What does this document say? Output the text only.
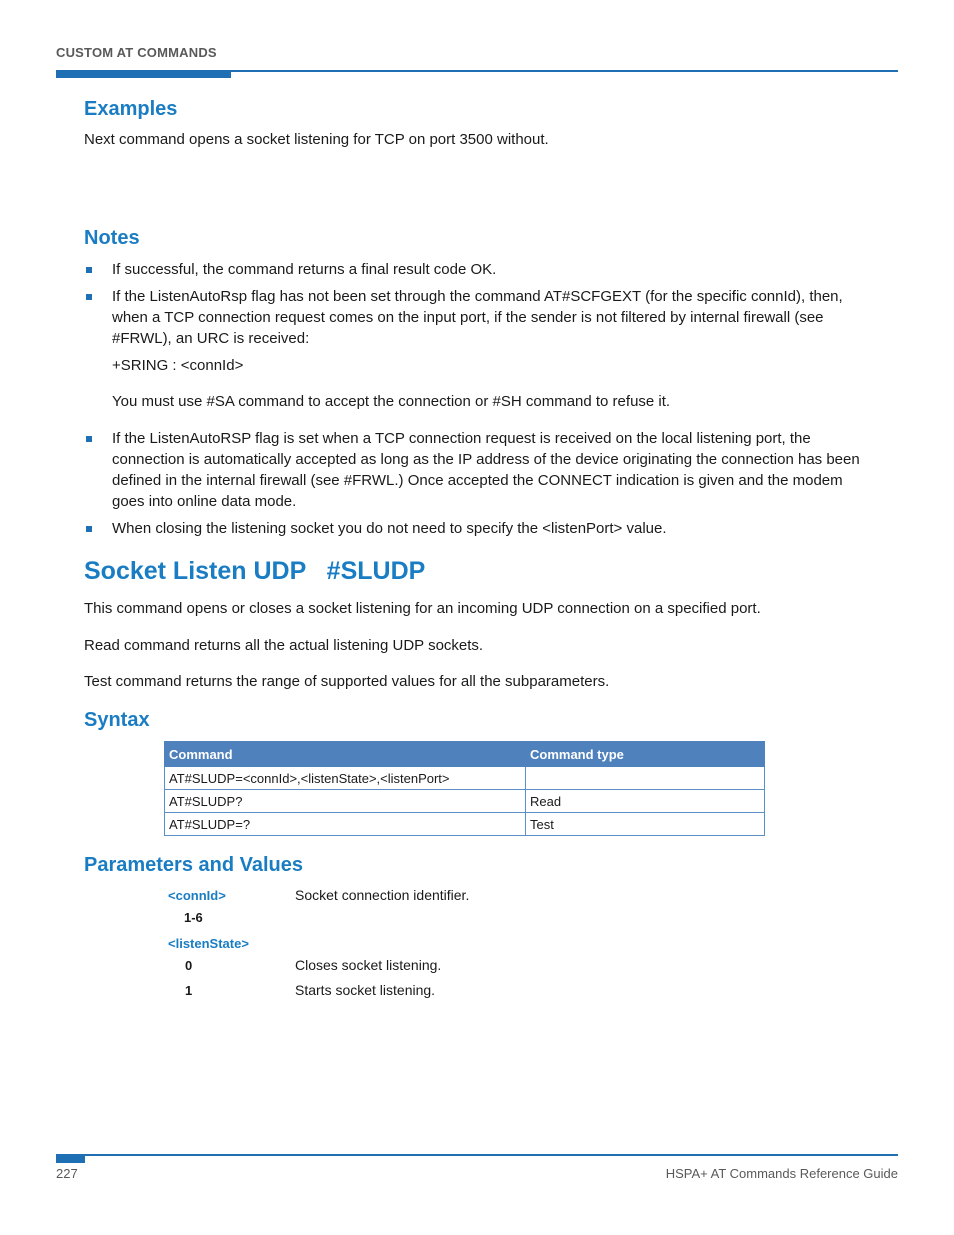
CUSTOM AT COMMANDS
Examples
Next command opens a socket listening for TCP on port 3500 without.
Notes
If successful, the command returns a final result code OK.
If the ListenAutoRsp flag has not been set through the command AT#SCFGEXT (for the specific connId), then,
when a TCP connection request comes on the input port, if the sender is not filtered by internal firewall (see
#FRWL), an URC is received:
+SRING : <connId>
You must use #SA command to accept the connection or #SH command to refuse it.
If the ListenAutoRSP flag is set when a TCP connection request is received on the local listening port, the
connection is automatically accepted as long as the IP address of the device originating the connection has been
defined in the internal firewall (see #FRWL.) Once accepted the CONNECT indication is given and the modem
goes into online data mode.
When closing the listening socket you do not need to specify the <listenPort> value.
Socket Listen UDP   #SLUDP
This command opens or closes a socket listening for an incoming UDP connection on a specified port.
Read command returns all the actual listening UDP sockets.
Test command returns the range of supported values for all the subparameters.
Syntax
Command	Command type
AT#SLUDP=<connId>,<listenState>,<listenPort>	
AT#SLUDP?	Read
AT#SLUDP=?	Test
Parameters and Values
<connId>	Socket connection identifier.
1-6
<listenState>
0	Closes socket listening.
1	Starts socket listening.
227	HSPA+ AT Commands Reference Guide
